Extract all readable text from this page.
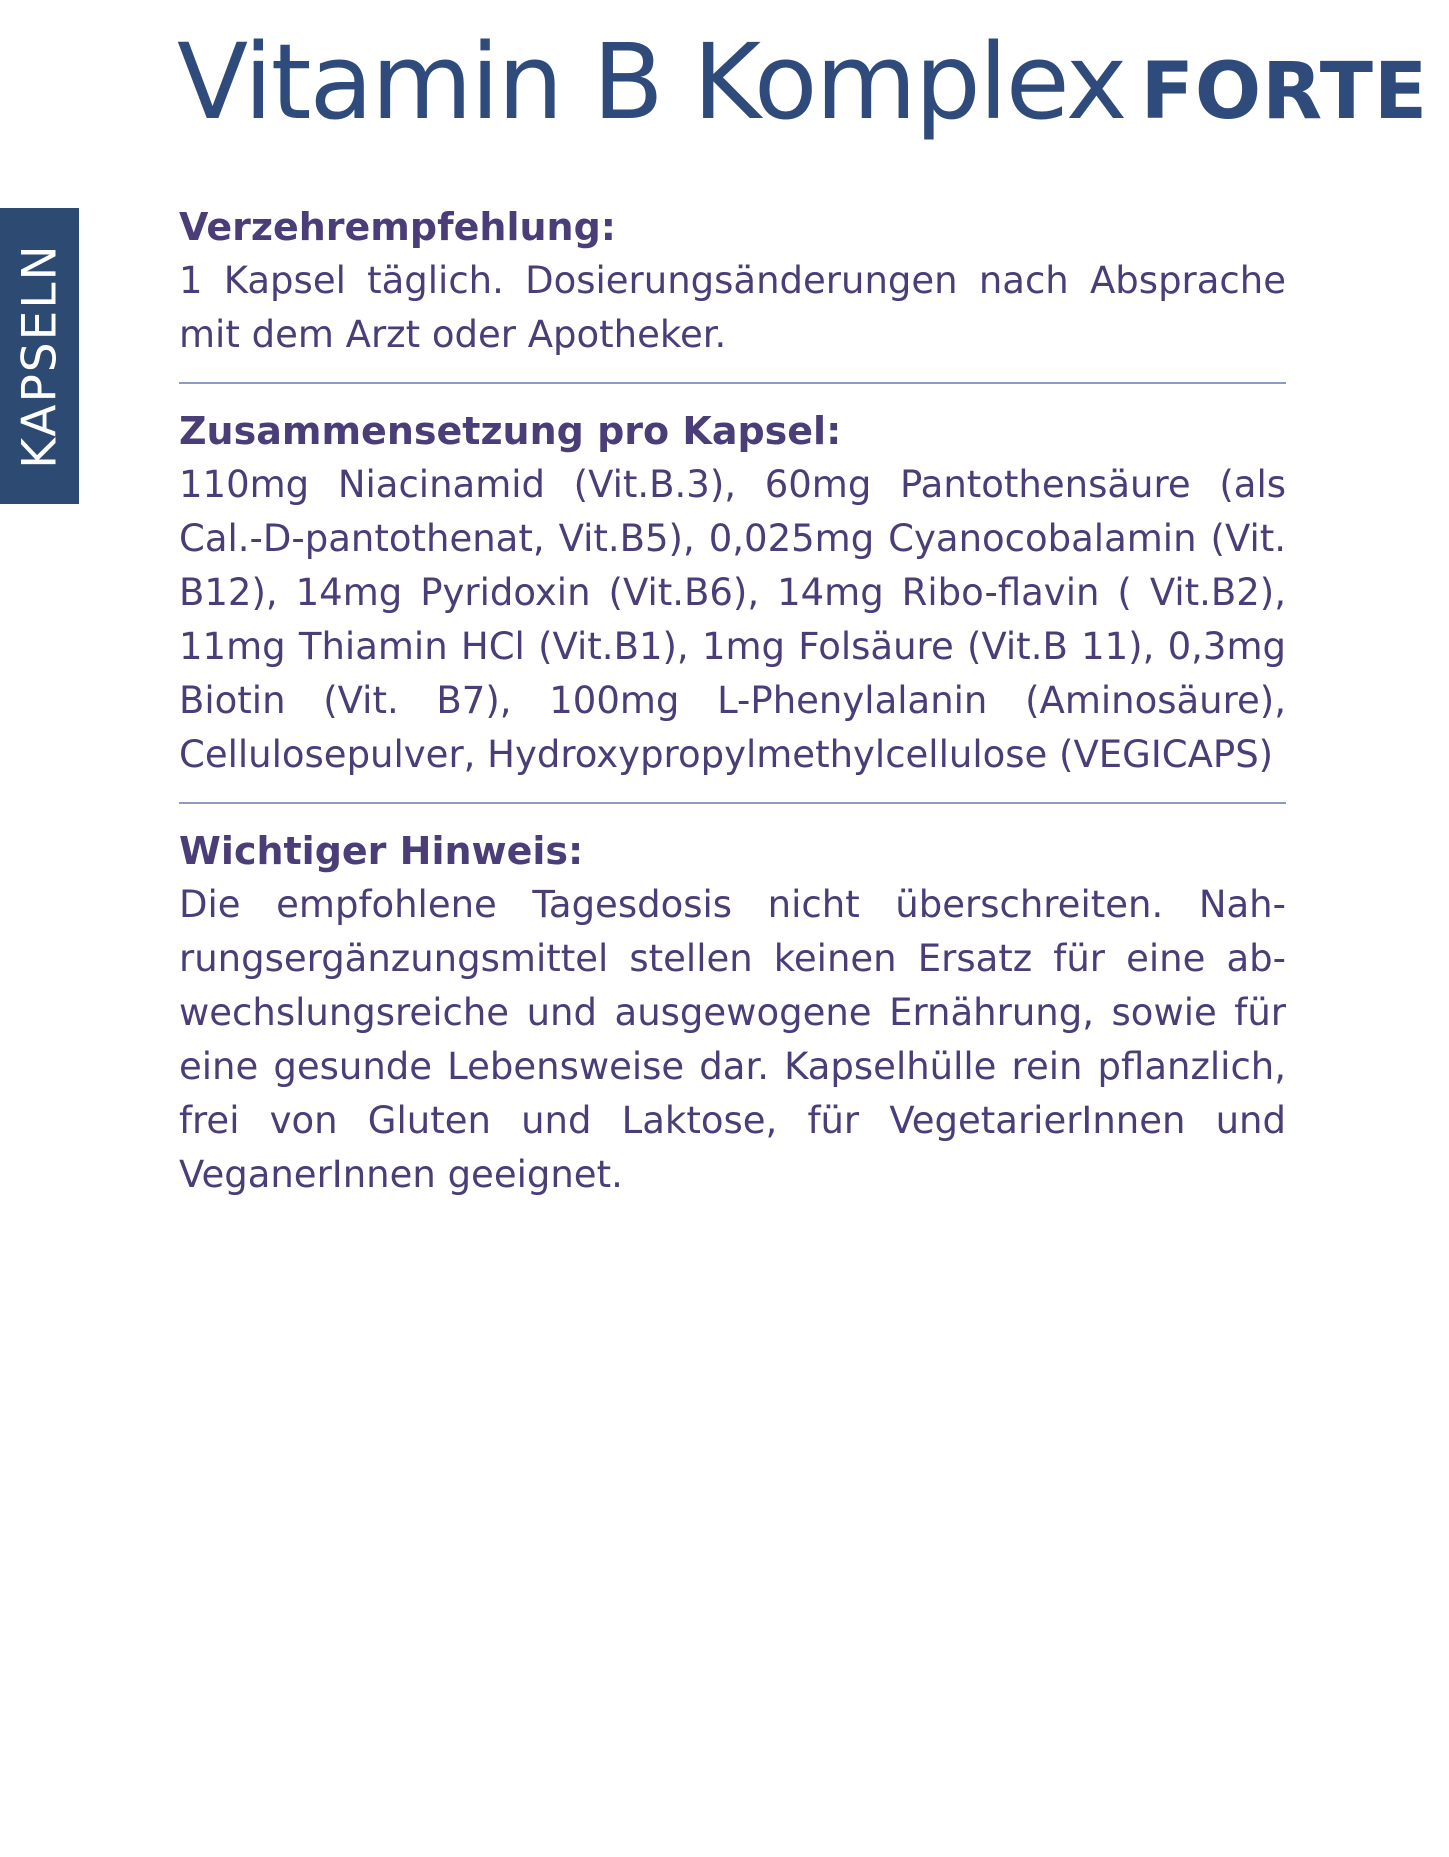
KAPSELN
Vitamin B Komplex FORTE
Verzehrempfehlung:
1 Kapsel täglich. Dosierungsänderungen nach Absprache mit dem Arzt oder Apotheker.
Zusammensetzung pro Kapsel:
110mg Niacinamid (Vit.B.3), 60mg Pantothensäure (als Cal.-D-pantothenat, Vit.B5), 0,025mg Cyanocobalamin (Vit. B12), 14mg Pyridoxin (Vit.B6), 14mg Ribo-flavin ( Vit.B2), 11mg Thiamin HCl (Vit.B1), 1mg Folsäure (Vit.B 11), 0,3mg Biotin (Vit. B7), 100mg L-Phenylalanin (Aminosäure), Cellulosepulver, Hydroxypropylmethylcellulose (VEGICAPS)
Wichtiger Hinweis:
Die empfohlene Tagesdosis nicht überschreiten. Nahrungsergänzungsmittel stellen keinen Ersatz für eine abwechslungsreiche und ausgewogene Ernährung, sowie für eine gesunde Lebensweise dar. Kapselhülle rein pflanzlich, frei von Gluten und Laktose, für VegetarierInnen und VeganerInnen geeignet.
